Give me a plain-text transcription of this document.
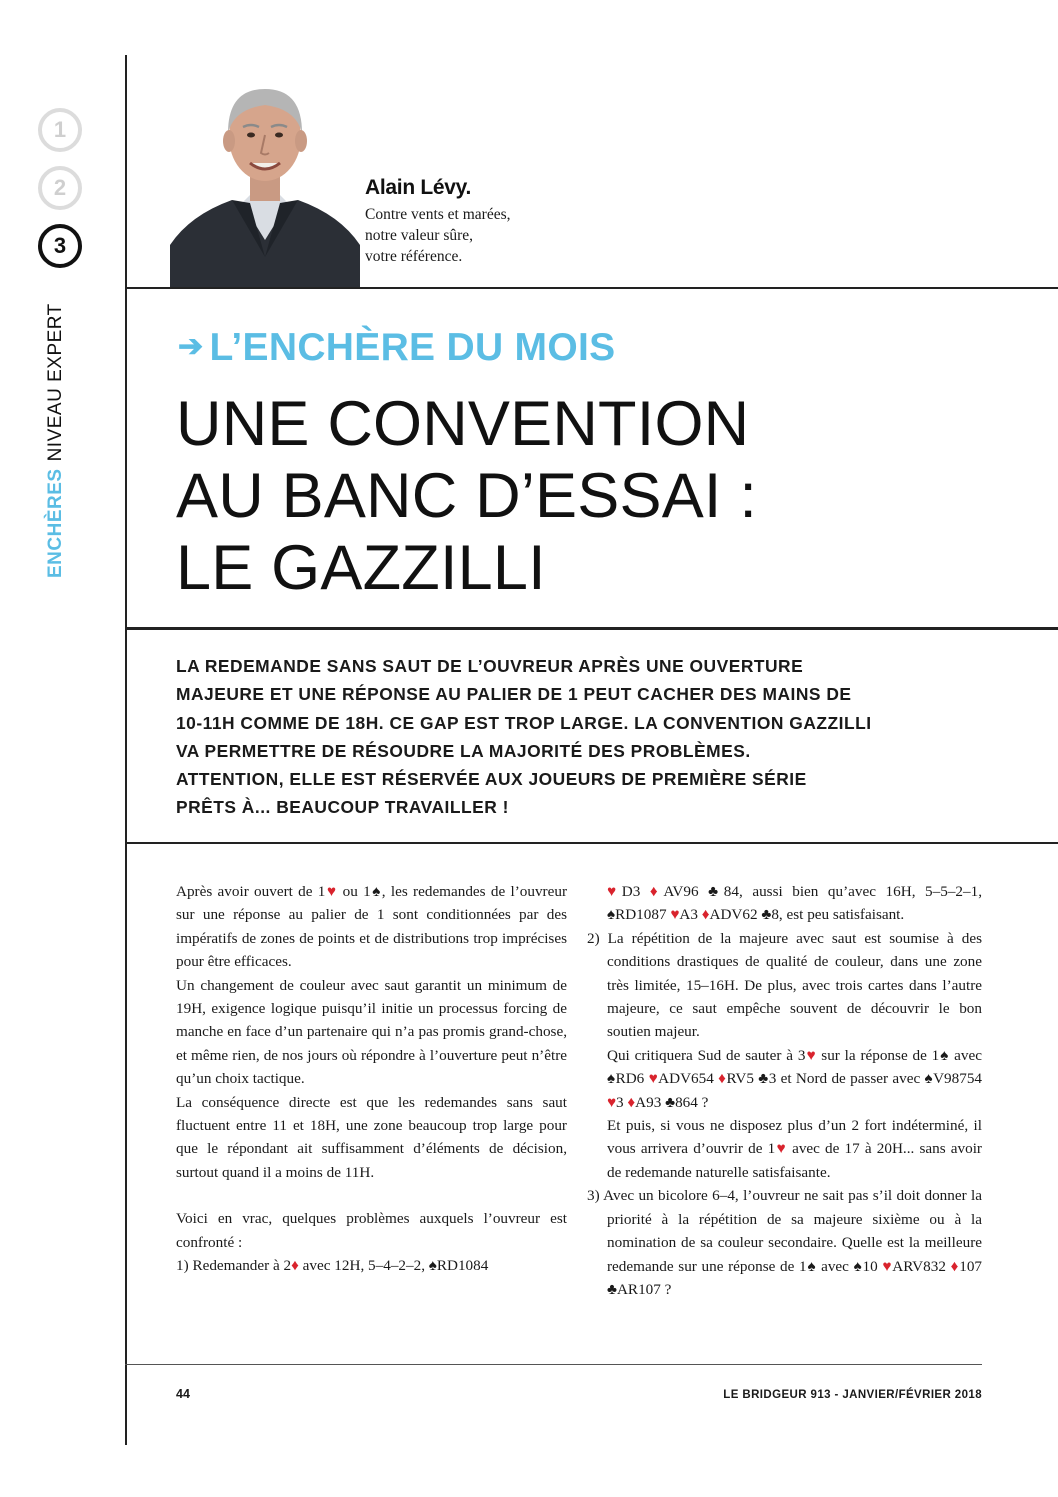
1
2
3
ENCHÈRESNIVEAU EXPERT
Alain Lévy.
Contre vents et marées,
notre valeur sûre,
votre référence.
➔ L’ENCHÈRE DU MOIS
UNE CONVENTION
AU BANC D’ESSAI :
LE GAZZILLI
LA REDEMANDE SANS SAUT DE L’OUVREUR APRÈS UNE OUVERTURE
MAJEURE ET UNE RÉPONSE AU PALIER DE 1 PEUT CACHER DES MAINS DE
10-11H COMME DE 18H. CE GAP EST TROP LARGE. LA CONVENTION GAZZILLI
VA PERMETTRE DE RÉSOUDRE LA MAJORITÉ DES PROBLÈMES.
ATTENTION, ELLE EST RÉSERVÉE AUX JOUEURS DE PREMIÈRE SÉRIE
PRÊTS À... BEAUCOUP TRAVAILLER !

Après avoir ouvert de 1♥ ou 1♠, les redemandes de l’ouvreur sur une réponse au palier de 1 sont conditionnées par des impératifs de zones de points et de distributions trop imprécises pour être efficaces.

Un changement de couleur avec saut garantit un minimum de 19H, exigence logique puisqu’il initie un processus forcing de manche en face d’un partenaire qui n’a pas promis grand-chose, et même rien, de nos jours où répondre à l’ouverture peut n’être qu’un choix tactique.

La conséquence directe est que les redemandes sans saut fluctuent entre 11 et 18H, une zone beaucoup trop large pour que le répondant ait suffisamment d’éléments de décision, surtout quand il a moins de 11H.

Voici en vrac, quelques problèmes auxquels l’ouvreur est confronté :

1) Redemander à 2♦ avec 12H, 5–4–2–2, ♠RD1084

♥D3 ♦AV96 ♣84, aussi bien qu’avec 16H, 5–5–2–1, ♠RD1087 ♥A3 ♦ADV62 ♣8, est peu satisfaisant.

2) La répétition de la majeure avec saut est soumise à des conditions drastiques de qualité de couleur, dans une zone très limitée, 15–16H. De plus, avec trois cartes dans l’autre majeure, ce saut empêche souvent de découvrir le bon soutien majeur.

Qui critiquera Sud de sauter à 3♥ sur la réponse de 1♠ avec ♠RD6 ♥ADV654 ♦RV5 ♣3 et Nord de passer avec ♠V98754 ♥3 ♦A93 ♣864 ?

Et puis, si vous ne disposez plus d’un 2 fort indéterminé, il vous arrivera d’ouvrir de 1♥ avec de 17 à 20H... sans avoir de redemande naturelle satisfaisante.

3) Avec un bicolore 6–4, l’ouvreur ne sait pas s’il doit donner la priorité à la répétition de sa majeure sixième ou à la nomination de sa couleur secondaire. Quelle est la meilleure redemande sur une réponse de 1♠ avec ♠10 ♥ARV832 ♦107 ♣AR107 ?

44	LE BRIDGEUR 913 - JANVIER/FÉVRIER 2018
